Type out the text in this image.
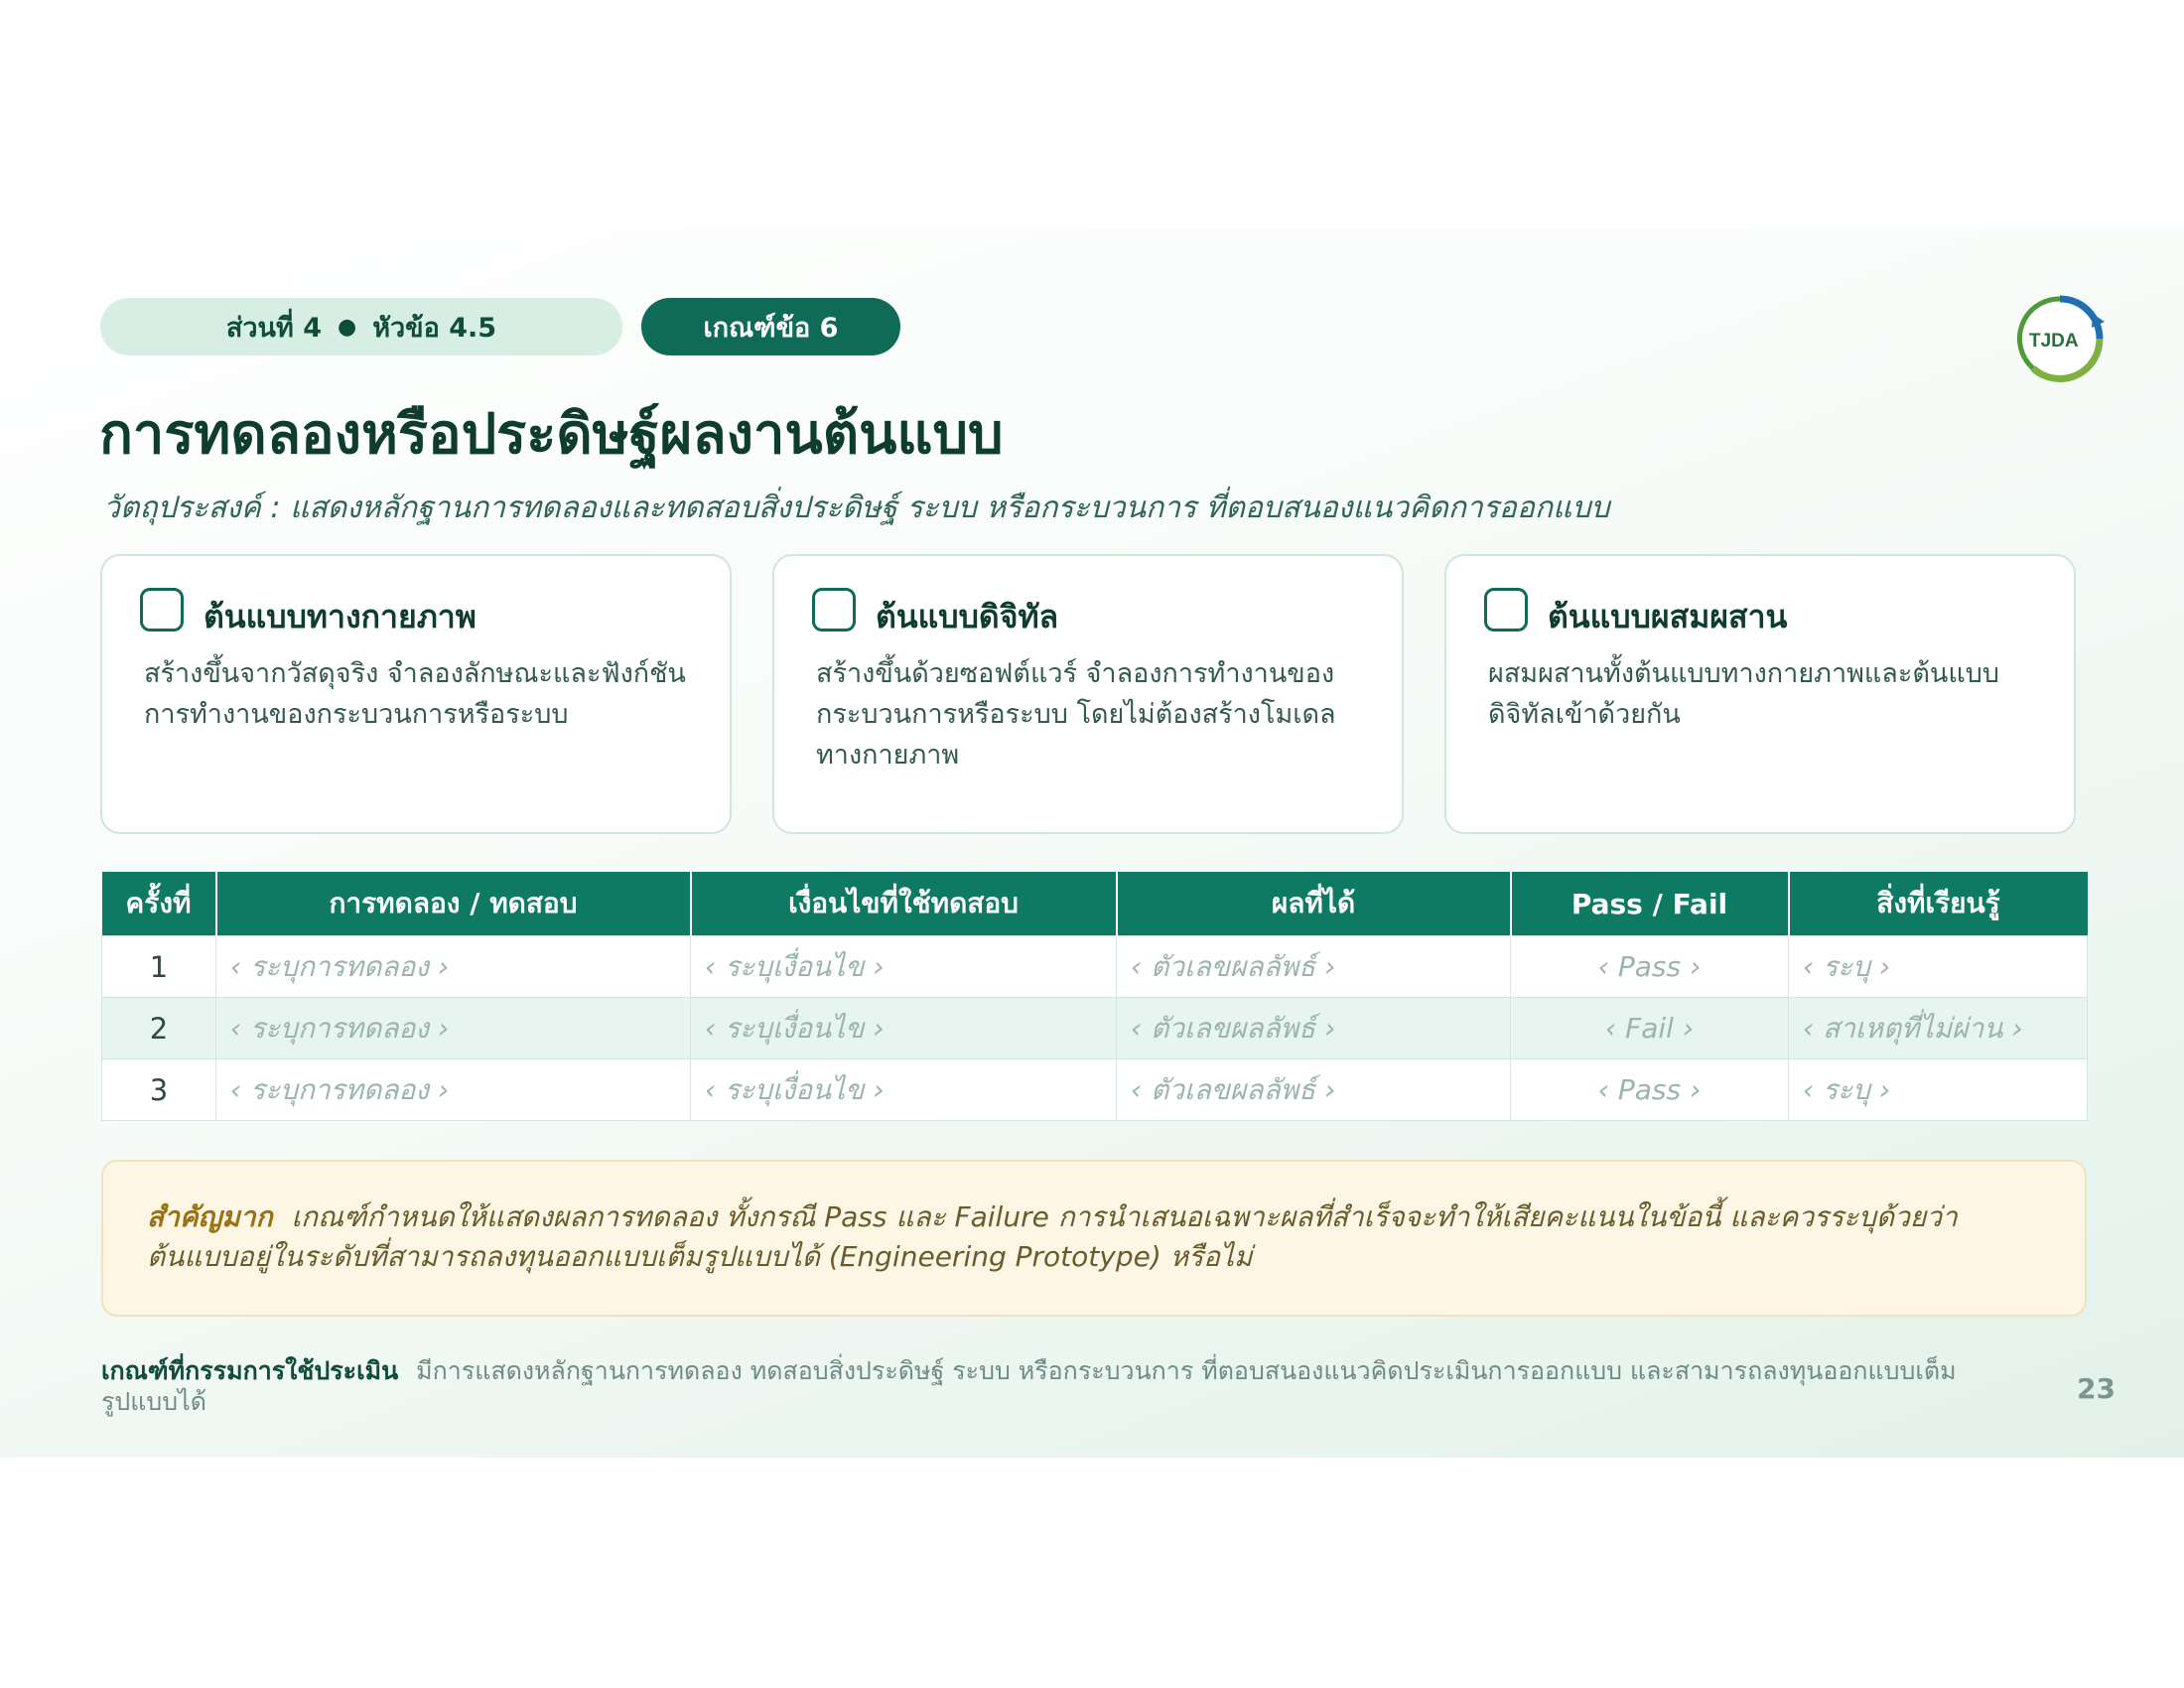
ส่วนที่ 4 ● หัวข้อ 4.5	เกณฑ์ข้อ 6	TJDA
การทดลองหรือประดิษฐ์ผลงานต้นแบบ
วัตถุประสงค์ : แสดงหลักฐานการทดลองและทดสอบสิ่งประดิษฐ์ ระบบ หรือกระบวนการ ที่ตอบสนองแนวคิดการออกแบบ
ต้นแบบทางกายภาพ
สร้างขึ้นจากวัสดุจริง จำลองลักษณะและฟังก์ชันการทำงานของกระบวนการหรือระบบ
ต้นแบบดิจิทัล
สร้างขึ้นด้วยซอฟต์แวร์ จำลองการทำงานของกระบวนการหรือระบบ โดยไม่ต้องสร้างโมเดลทางกายภาพ
ต้นแบบผสมผสาน
ผสมผสานทั้งต้นแบบทางกายภาพและต้นแบบดิจิทัลเข้าด้วยกัน
ครั้งที่	การทดลอง / ทดสอบ	เงื่อนไขที่ใช้ทดสอบ	ผลที่ได้	Pass / Fail	สิ่งที่เรียนรู้
1	‹ ระบุการทดลอง ›	‹ ระบุเงื่อนไข ›	‹ ตัวเลขผลลัพธ์ ›	‹ Pass ›	‹ ระบุ ›
2	‹ ระบุการทดลอง ›	‹ ระบุเงื่อนไข ›	‹ ตัวเลขผลลัพธ์ ›	‹ Fail ›	‹ สาเหตุที่ไม่ผ่าน ›
3	‹ ระบุการทดลอง ›	‹ ระบุเงื่อนไข ›	‹ ตัวเลขผลลัพธ์ ›	‹ Pass ›	‹ ระบุ ›
สำคัญมาก เกณฑ์กำหนดให้แสดงผลการทดลอง ทั้งกรณี Pass และ Failure การนำเสนอเฉพาะผลที่สำเร็จจะทำให้เสียคะแนนในข้อนี้ และควรระบุด้วยว่าต้นแบบอยู่ในระดับที่สามารถลงทุนออกแบบเต็มรูปแบบได้ (Engineering Prototype) หรือไม่
เกณฑ์ที่กรรมการใช้ประเมิน มีการแสดงหลักฐานการทดลอง ทดสอบสิ่งประดิษฐ์ ระบบ หรือกระบวนการ ที่ตอบสนองแนวคิดประเมินการออกแบบ และสามารถลงทุนออกแบบเต็มรูปแบบได้	23
